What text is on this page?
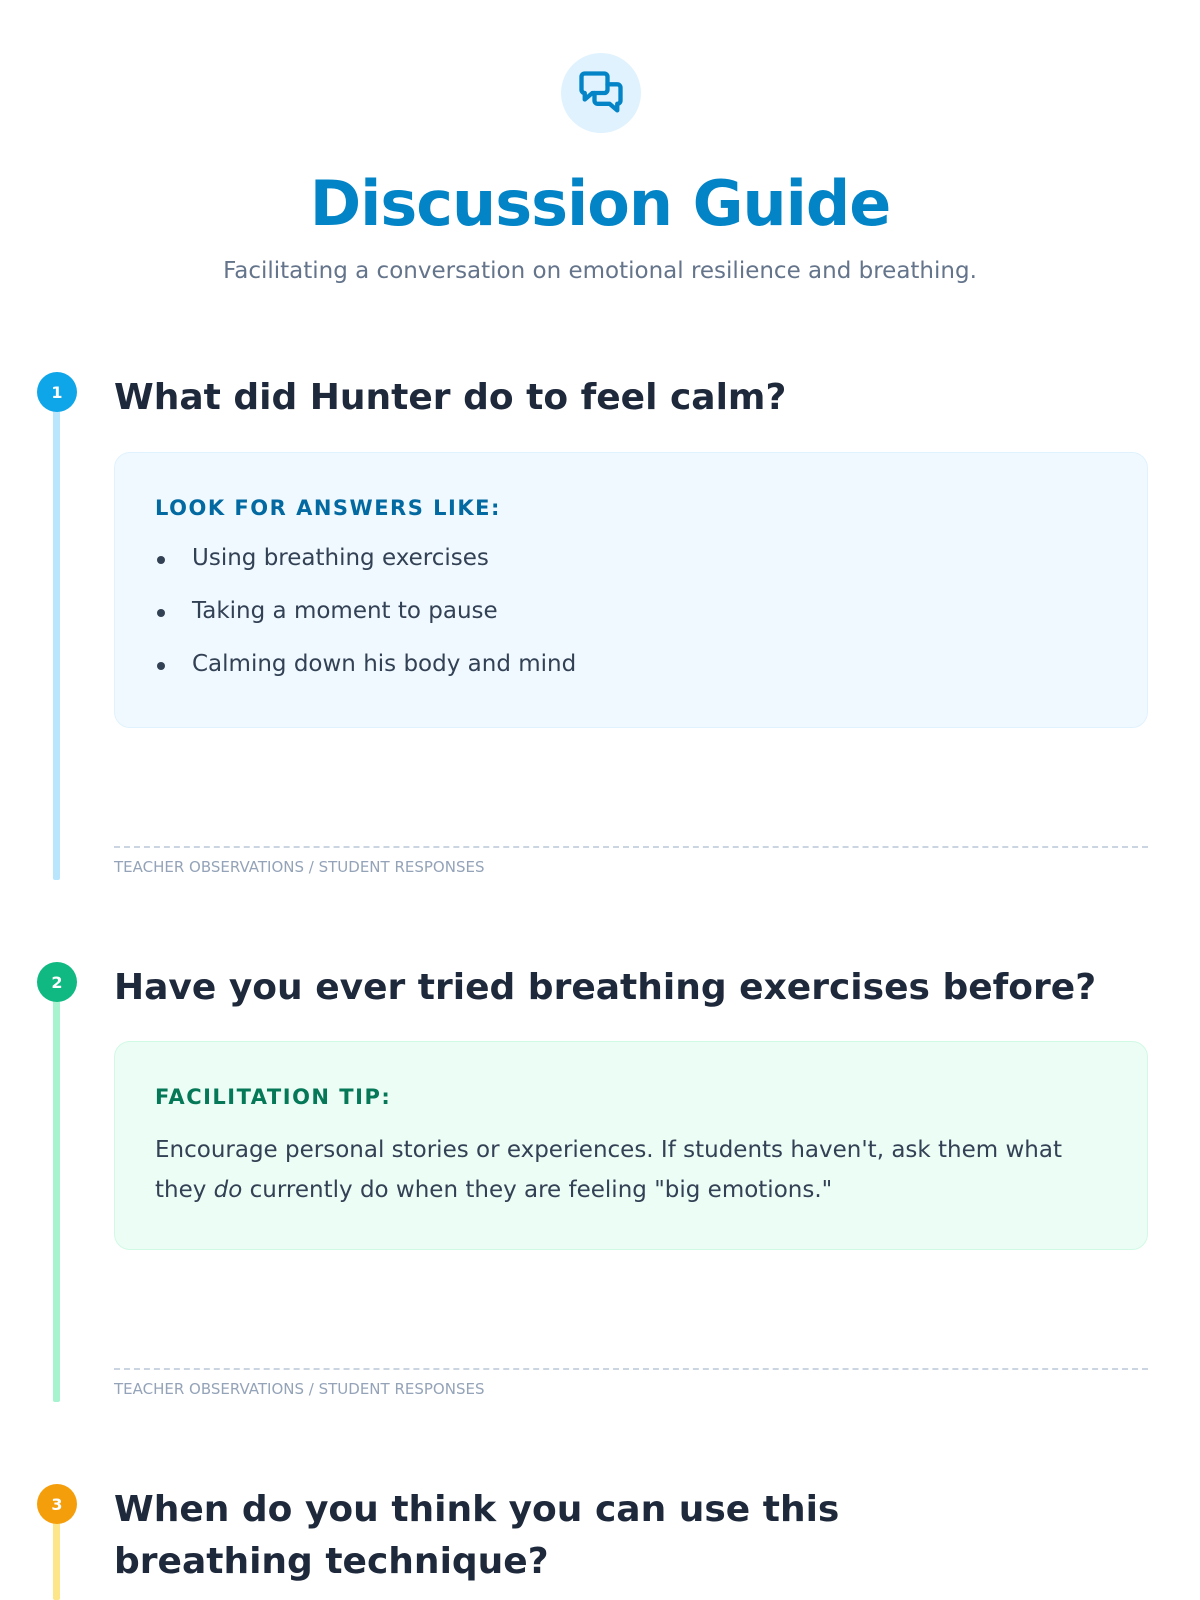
Discussion Guide

Facilitating a conversation on emotional resilience and breathing.

1	What did Hunter do to feel calm?
LOOK FOR ANSWERS LIKE:
Using breathing exercises
Taking a moment to pause
Calming down his body and mind
TEACHER OBSERVATIONS / STUDENT RESPONSES
2	Have you ever tried breathing exercises before?
FACILITATION TIP:

Encourage personal stories or experiences. If students haven't, ask them what they do currently do when they are feeling "big emotions."

TEACHER OBSERVATIONS / STUDENT RESPONSES
3	When do you think you can use this breathing technique?
